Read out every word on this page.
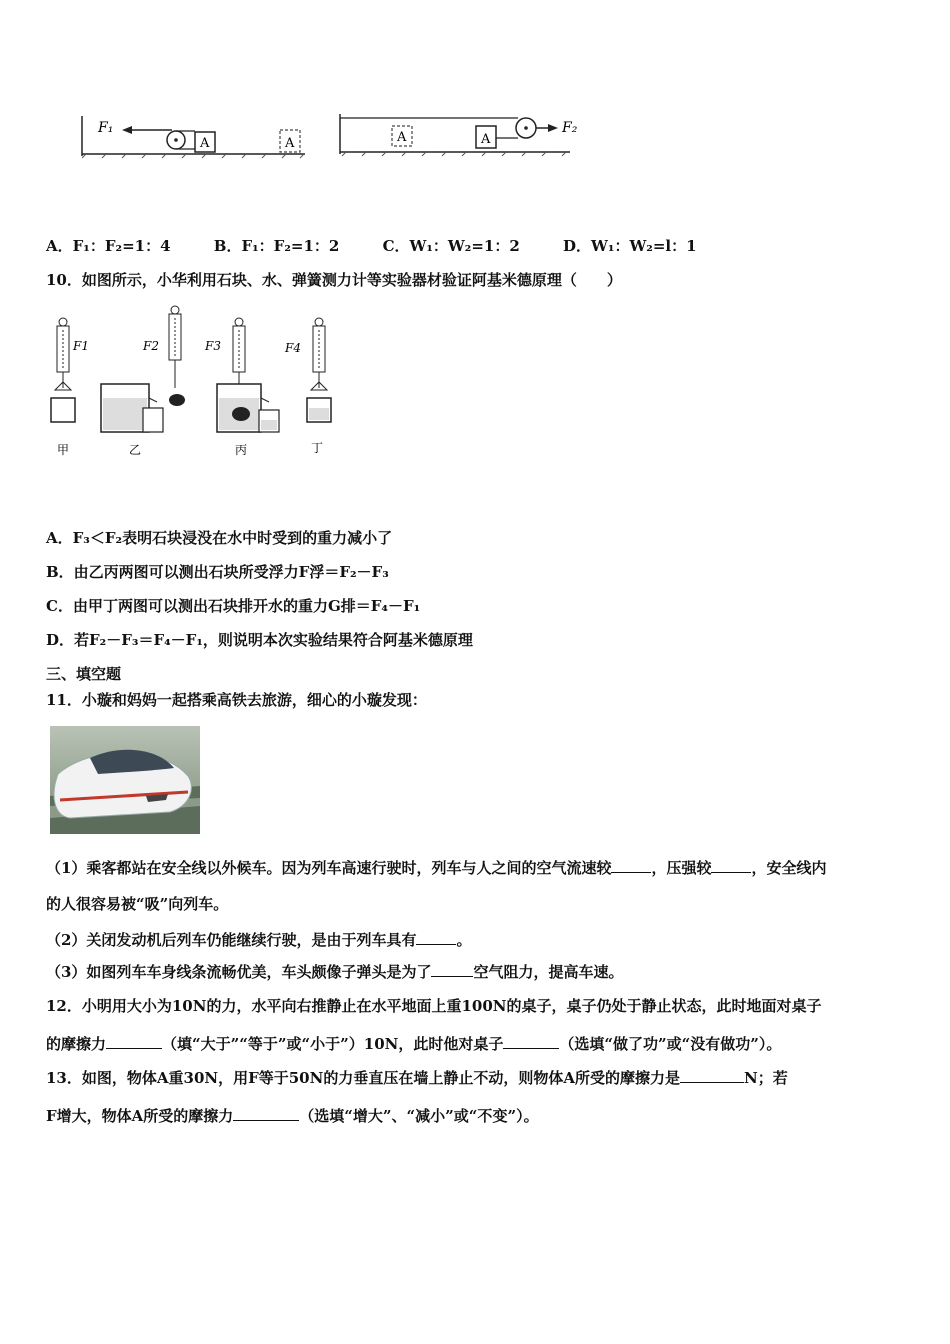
F₁
A	A
F₂
A	A
A．F₁：F₂=1：4	B．F₁：F₂=1：2	C．W₁：W₂=1：2	D．W₁：W₂=l：1
10．如图所示，小华利用石块、水、弹簧测力计等实验器材验证阿基米德原理（　　）
F1
甲
F2
乙
F3
丙
F4
丁
A．F₃＜F₂表明石块浸没在水中时受到的重力减小了
B．由乙丙两图可以测出石块所受浮力F浮＝F₂－F₃
C．由甲丁两图可以测出石块排开水的重力G排＝F₄－F₁
D．若F₂－F₃＝F₄－F₁，则说明本次实验结果符合阿基米德原理
三、填空题
11．小璇和妈妈一起搭乘高铁去旅游，细心的小璇发现：
（1）乘客都站在安全线以外候车。因为列车高速行驶时，列车与人之间的空气流速较	，压强较	，安全线内
的人很容易被“吸”向列车。
（2）关闭发动机后列车仍能继续行驶，是由于列车具有	。
（3）如图列车车身线条流畅优美，车头颇像子弹头是为了	空气阻力，提高车速。
12．小明用大小为10N的力，水平向右推静止在水平地面上重100N的桌子，桌子仍处于静止状态，此时地面对桌子
的摩擦力	（填“大于”“等于”或“小于”）10N，此时他对桌子	（选填“做了功”或“没有做功”）。
13．如图，物体A重30N，用F等于50N的力垂直压在墙上静止不动，则物体A所受的摩擦力是	N；若
F增大，物体A所受的摩擦力	（选填“增大”、“减小”或“不变”）。
